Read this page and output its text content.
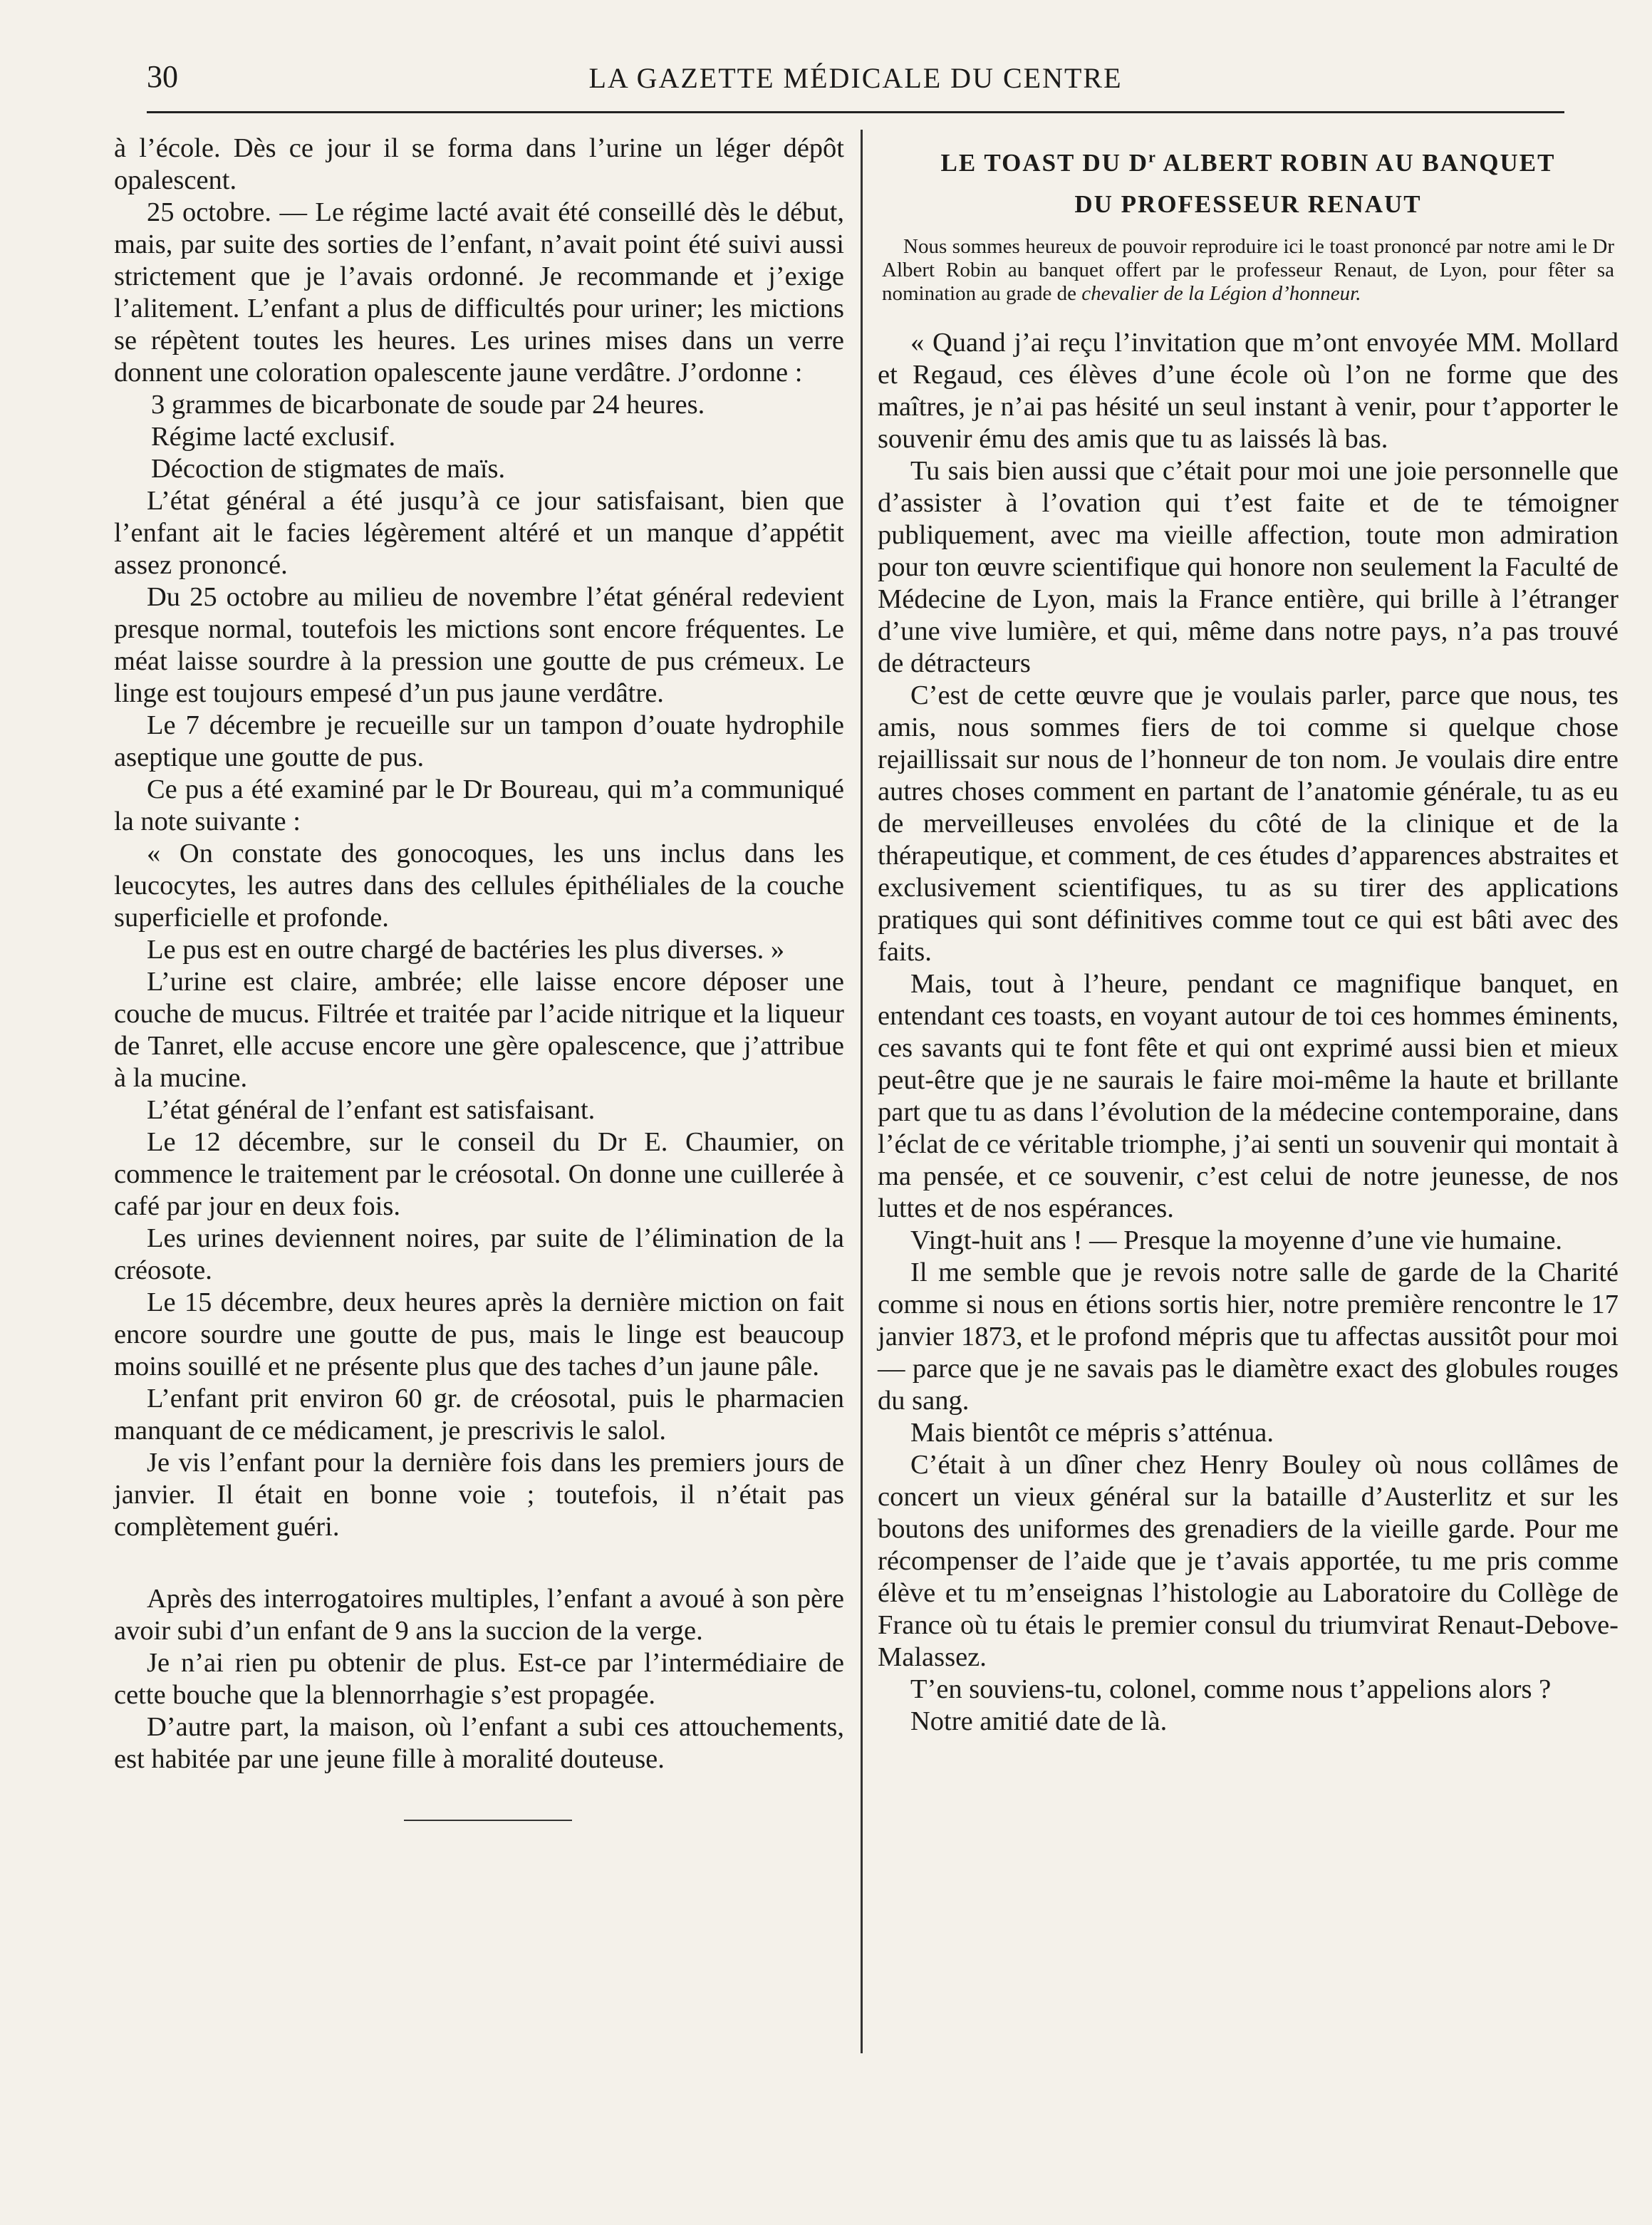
30	LA GAZETTE MÉDICALE DU CENTRE

à l’école. Dès ce jour il se forma dans l’urine un léger dépôt opalescent.

25 octobre. — Le régime lacté avait été conseillé dès le début, mais, par suite des sorties de l’enfant, n’avait point été suivi aussi strictement que je l’avais ordonné. Je recommande et j’exige l’alitement. L’enfant a plus de difficultés pour uriner; les mictions se répètent toutes les heures. Les urines mises dans un verre donnent une coloration opalescente jaune verdâtre. J’ordonne :

3 grammes de bicarbonate de soude par 24 heures.

Régime lacté exclusif.

Décoction de stigmates de maïs.

L’état général a été jusqu’à ce jour satisfaisant, bien que l’enfant ait le facies légèrement altéré et un manque d’appétit assez prononcé.

Du 25 octobre au milieu de novembre l’état général redevient presque normal, toutefois les mictions sont encore fréquentes. Le méat laisse sourdre à la pression une goutte de pus crémeux. Le linge est toujours empesé d’un pus jaune verdâtre.

Le 7 décembre je recueille sur un tampon d’ouate hydrophile aseptique une goutte de pus.

Ce pus a été examiné par le Dr Boureau, qui m’a communiqué la note suivante :

« On constate des gonocoques, les uns inclus dans les leucocytes, les autres dans des cellules épithéliales de la couche superficielle et profonde.

Le pus est en outre chargé de bactéries les plus diverses. »

L’urine est claire, ambrée; elle laisse encore déposer une couche de mucus. Filtrée et traitée par l’acide nitrique et la liqueur de Tanret, elle accuse encore une gère opalescence, que j’attribue à la mucine.

L’état général de l’enfant est satisfaisant.

Le 12 décembre, sur le conseil du Dr E. Chaumier, on commence le traitement par le créosotal. On donne une cuillerée à café par jour en deux fois.

Les urines deviennent noires, par suite de l’élimination de la créosote.

Le 15 décembre, deux heures après la dernière miction on fait encore sourdre une goutte de pus, mais le linge est beaucoup moins souillé et ne présente plus que des taches d’un jaune pâle.

L’enfant prit environ 60 gr. de créosotal, puis le pharmacien manquant de ce médicament, je prescrivis le salol.

Je vis l’enfant pour la dernière fois dans les premiers jours de janvier. Il était en bonne voie ; toutefois, il n’était pas complètement guéri.

Après des interrogatoires multiples, l’enfant a avoué à son père avoir subi d’un enfant de 9 ans la succion de la verge.

Je n’ai rien pu obtenir de plus. Est-ce par l’intermédiaire de cette bouche que la blennorrhagie s’est propagée.

D’autre part, la maison, où l’enfant a subi ces attouchements, est habitée par une jeune fille à moralité douteuse.

LE TOAST DU $D^r$ ALBERT ROBIN AU BANQUET
DU PROFESSEUR RENAUT
Nous sommes heureux de pouvoir reproduire ici le toast prononcé par notre ami le Dr Albert Robin au banquet offert par le professeur Renaut, de Lyon, pour fêter sa nomination au grade de chevalier de la Légion d’honneur.

« Quand j’ai reçu l’invitation que m’ont envoyée MM. Mollard et Regaud, ces élèves d’une école où l’on ne forme que des maîtres, je n’ai pas hésité un seul instant à venir, pour t’apporter le souvenir ému des amis que tu as laissés là bas.

Tu sais bien aussi que c’était pour moi une joie personnelle que d’assister à l’ovation qui t’est faite et de te témoigner publiquement, avec ma vieille affection, toute mon admiration pour ton œuvre scientifique qui honore non seulement la Faculté de Médecine de Lyon, mais la France entière, qui brille à l’étranger d’une vive lumière, et qui, même dans notre pays, n’a pas trouvé de détracteurs

C’est de cette œuvre que je voulais parler, parce que nous, tes amis, nous sommes fiers de toi comme si quelque chose rejaillissait sur nous de l’honneur de ton nom. Je voulais dire entre autres choses comment en partant de l’anatomie générale, tu as eu de merveilleuses envolées du côté de la clinique et de la thérapeutique, et comment, de ces études d’apparences abstraites et exclusivement scientifiques, tu as su tirer des applications pratiques qui sont définitives comme tout ce qui est bâti avec des faits.

Mais, tout à l’heure, pendant ce magnifique banquet, en entendant ces toasts, en voyant autour de toi ces hommes éminents, ces savants qui te font fête et qui ont exprimé aussi bien et mieux peut-être que je ne saurais le faire moi-même la haute et brillante part que tu as dans l’évolution de la médecine contemporaine, dans l’éclat de ce véritable triomphe, j’ai senti un souvenir qui montait à ma pensée, et ce souvenir, c’est celui de notre jeunesse, de nos luttes et de nos espérances.

Vingt-huit ans ! — Presque la moyenne d’une vie humaine.

Il me semble que je revois notre salle de garde de la Charité comme si nous en étions sortis hier, notre première rencontre le 17 janvier 1873, et le profond mépris que tu affectas aussitôt pour moi — parce que je ne savais pas le diamètre exact des globules rouges du sang.

Mais bientôt ce mépris s’atténua.

C’était à un dîner chez Henry Bouley où nous collâmes de concert un vieux général sur la bataille d’Austerlitz et sur les boutons des uniformes des grenadiers de la vieille garde. Pour me récompenser de l’aide que je t’avais apportée, tu me pris comme élève et tu m’enseignas l’histologie au Laboratoire du Collège de France où tu étais le premier consul du triumvirat Renaut-Debove-Malassez.

T’en souviens-tu, colonel, comme nous t’appelions alors ?

Notre amitié date de là.
